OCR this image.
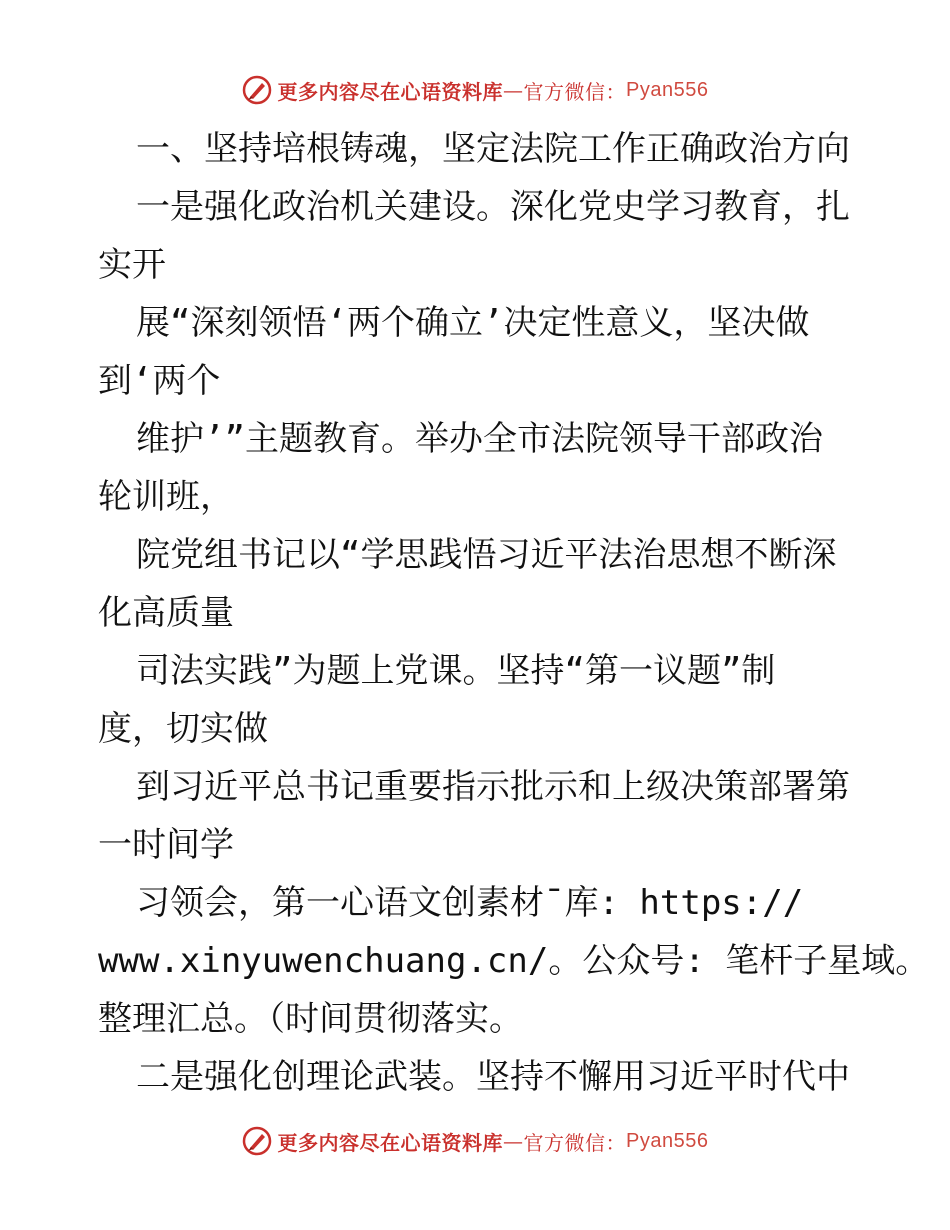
更多内容尽在心语资料库 — 官方微信： Pyan556
一、坚持培根铸魂，坚定法院工作正确政治方向
一是强化政治机关建设。深化党史学习教育，扎
实开
展“深刻领悟‘两个确立’决定性意义，坚决做
到‘两个
维护’”主题教育。举办全市法院领导干部政治
轮训班，
院党组书记以“学思践悟习近平法治思想不断深
化高质量
司法实践”为题上党课。坚持“第一议题”制
度，切实做
到习近平总书记重要指示批示和上级决策部署第
一时间学
习领会，第一心语文创素材¯库: https://
www.xinyuwenchuang.cn/。公众号: 笔杆子星域。
整理汇总。（时间贯彻落实。
二是强化创理论武装。坚持不懈用习近平时代中
更多内容尽在心语资料库 — 官方微信： Pyan556
